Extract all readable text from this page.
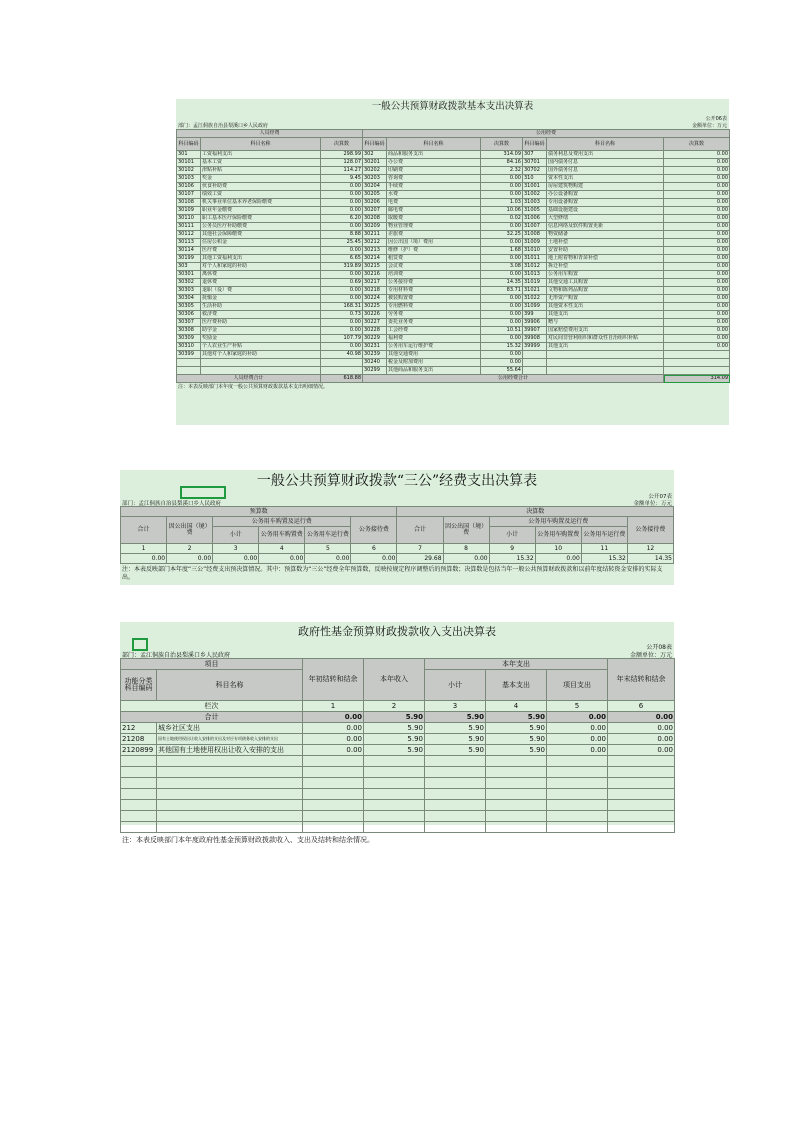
一般公共预算财政拨款基本支出决算表
部门：孟江侗族自治县梨溪口乡人民政府
公开06表
金额单位：万元
人员经费			公用经费					
科目编码	科目名称	决算数	科目编码	科目名称	决算数	科目编码	科目名称	决算数
301	工资福利支出	298.99	302	商品和服务支出	314.09	307	债务利息及费用支出	0.00
30101	基本工资	128.07	30201	办公费	84.16	30701	国内债务付息	0.00
30102	津贴补贴	114.27	30202	印刷费	2.32	30702	国外债务付息	0.00
30103	奖金	9.45	30203	咨询费	0.00	310	资本性支出	0.00
30106	伙食补助费	0.00	30204	手续费	0.00	31001	房屋建筑物购建	0.00
30107	绩效工资	0.00	30205	水费	0.00	31002	办公设备购置	0.00
30108	机关事业单位基本养老保险缴费	0.00	30206	电费	1.03	31003	专用设备购置	0.00
30109	职业年金缴费	0.00	30207	邮电费	10.06	31005	基础设施建设	0.00
30110	职工基本医疗保险缴费	6.20	30208	取暖费	0.02	31006	大型修缮	0.00
30111	公务员医疗补助缴费	0.00	30209	物业管理费	0.00	31007	信息网络及软件购置更新	0.00
30112	其他社会保障缴费	8.88	30211	差旅费	32.25	31008	物资储备	0.00
30113	住房公积金	25.45	30212	因公出国（境）费用	0.00	31009	土地补偿	0.00
30114	医疗费	0.00	30213	维修（护）费	1.68	31010	安置补助	0.00
30199	其他工资福利支出	6.65	30214	租赁费	0.00	31011	地上附着物和青苗补偿	0.00
303	对个人和家庭的补助	319.89	30215	会议费	3.08	31012	拆迁补偿	0.00
30301	离休费	0.00	30216	培训费	0.00	31013	公务用车购置	0.00
30302	退休费	0.69	30217	公务接待费	14.35	31019	其他交通工具购置	0.00
30303	退职（役）费	0.00	30218	专用材料费	83.71	31021	文物和陈列品购置	0.00
30304	抚恤金	0.00	30224	被装购置费	0.00	31022	无形资产购置	0.00
30305	生活补助	168.31	30225	专用燃料费	0.00	31099	其他资本性支出	0.00
30306	救济费	0.73	30226	劳务费	0.00	399	其他支出	0.00
30307	医疗费补助	0.00	30227	委托业务费	0.00	39906	赠与	0.00
30308	助学金	0.00	30228	工会经费	10.51	39907	国家赔偿费用支出	0.00
30309	奖励金	107.79	30229	福利费	0.00	39908	对民间非营利组织和群众性自治组织补贴	0.00
30310	个人农业生产补贴	0.00	30231	公务用车运行维护费	15.32	39999	其他支出	0.00
30399	其他对个人和家庭的补助	40.98	30239	其他交通费用	0.00			
			30240	税金及附加费用	0.00			
			30299	其他商品和服务支出	55.64			
人员经费合计		618.88	公用经费合计					314.09
注：本表反映部门本年度一般公共预算财政拨款基本支出明细情况。
一般公共预算财政拨款“三公”经费支出决算表
部门：孟江侗族自治县梨溪口乡人民政府
公开07表
金额单位：万元
预算数						决算数					
合计	因公出国（境）费	公务用车购置及运行费			公务接待费	合计	因公出国（境）费	公务用车购置及运行费			公务接待费
		小计	公务用车购置费	公务用车运行费				小计	公务用车购置费	公务用车运行费	
1	2	3	4	5	6	7	8	9	10	11	12
0.00	0.00	0.00	0.00	0.00	0.00	29.68	0.00	15.32	0.00	15.32	14.35
注：本表反映部门本年度“三公”经费支出预决算情况。其中：预算数为“三公”经费全年预算数，反映按规定程序调整后的预算数；决算数是包括当年一般公共预算财政拨款和以前年度结转资金安排的实际支出。
政府性基金预算财政拨款收入支出决算表
部门：孟江侗族自治县梨溪口乡人民政府
公开08表
金额单位：万元
项目		年初结转和结余	本年收入	本年支出			年末结转和结余
功能分类科目编码	科目名称			小计	基本支出	项目支出	
栏次		1	2	3	4	5	6
合计		0.00	5.90	5.90	5.90	0.00	0.00
212	城乡社区支出	0.00	5.90	5.90	5.90	0.00	0.00
21208	国有土地使用权出让收入安排的支出及对应专项债务收入安排的支出	0.00	5.90	5.90	5.90	0.00	0.00
2120899	其他国有土地使用权出让收入安排的支出	0.00	5.90	5.90	5.90	0.00	0.00

注：本表反映部门本年度政府性基金预算财政拨款收入、支出及结转和结余情况。
